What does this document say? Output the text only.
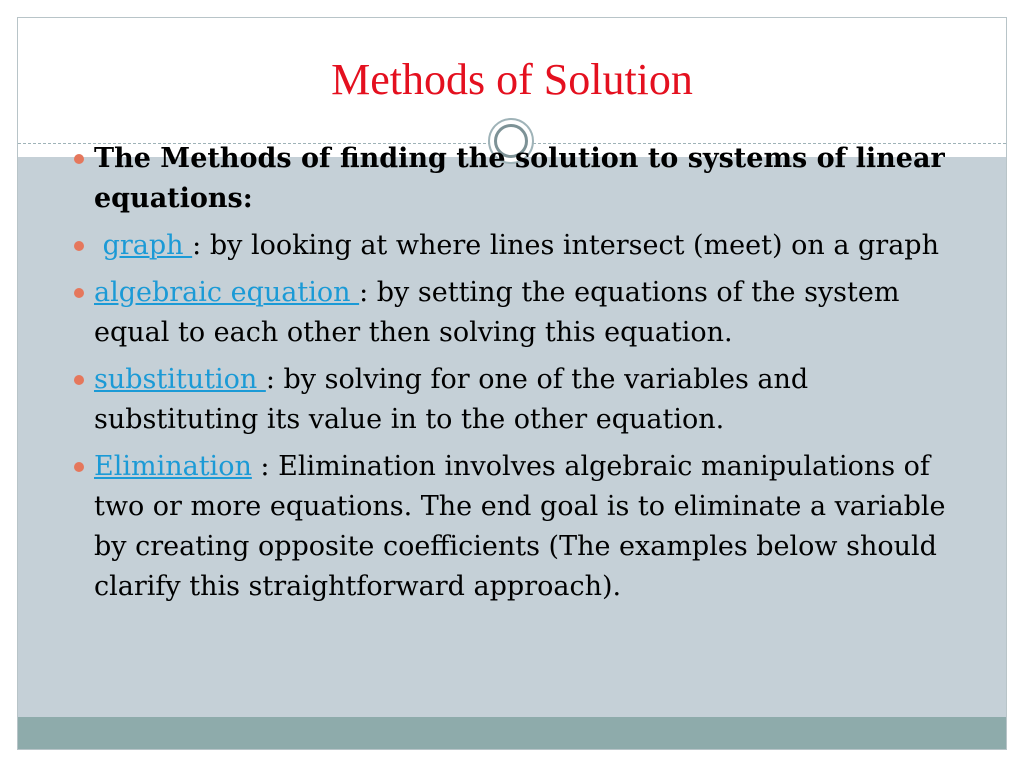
Methods of Solution
The Methods of finding the solution to systems of linear equations:
graph : by looking at where lines intersect (meet) on a graph
algebraic equation : by setting the equations of the system equal to each other then solving this equation.
substitution : by solving for one of the variables and substituting its value in to the other equation.
Elimination : Elimination involves algebraic manipulations of two or more equations. The end goal is to eliminate a variable by creating opposite coefficients (The examples below should clarify this straightforward approach).
